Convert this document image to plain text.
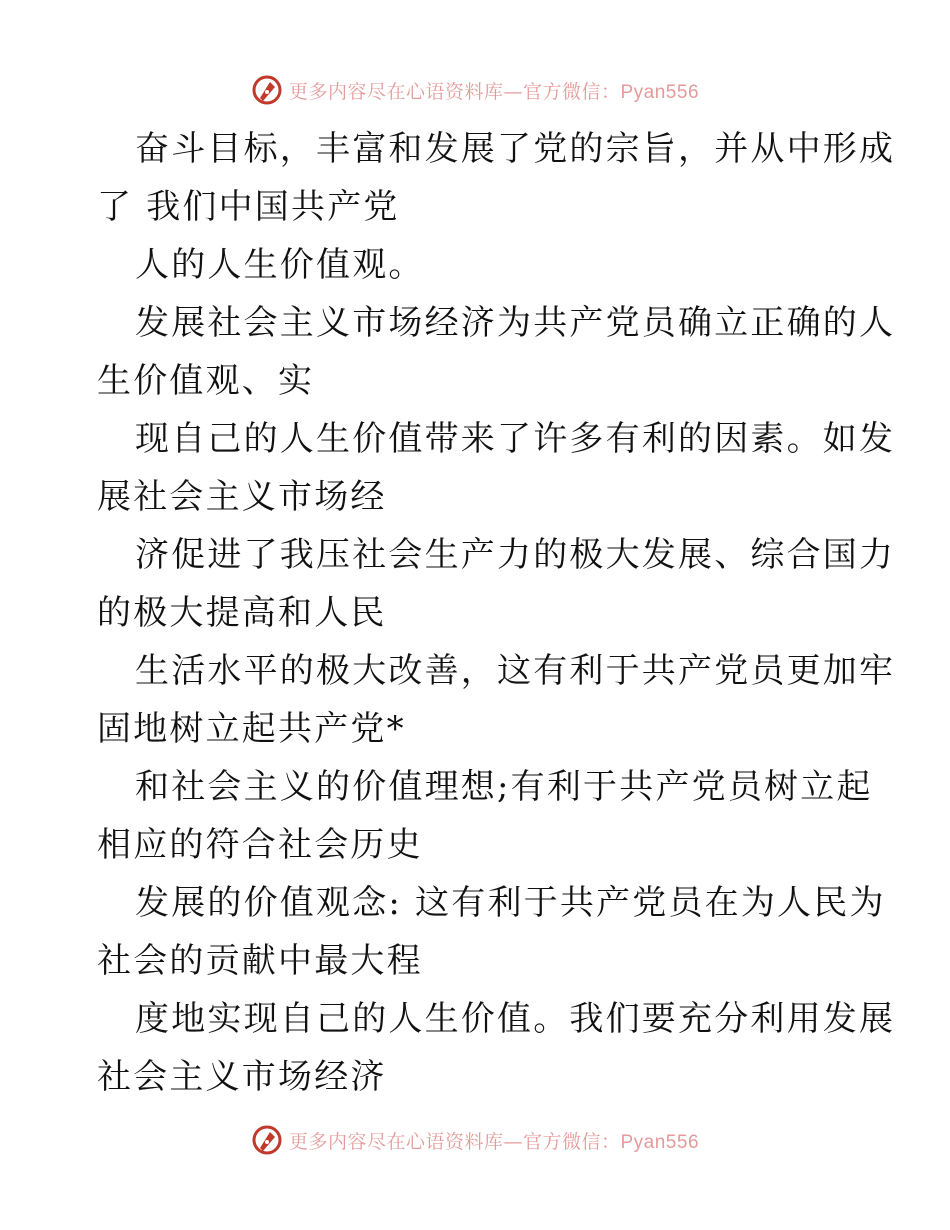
更多内容尽在心语资料库—官方微信：Pyan556
奋斗目标，丰富和发展了党的宗旨，并从中形成
了 我们中国共产党
人的人生价值观。
发展社会主义市场经济为共产党员确立正确的人
生价值观、实
现自己的人生价值带来了许多有利的因素。如发
展社会主义市场经
济促进了我压社会生产力的极大发展、综合国力
的极大提高和人民
生活水平的极大改善，这有利于共产党员更加牢
固地树立起共产党*
和社会主义的价值理想;有利于共产党员树立起
相应的符合社会历史
发展的价值观念: 这有利于共产党员在为人民为
社会的贡献中最大程
度地实现自己的人生价值。我们要充分利用发展
社会主义市场经济
更多内容尽在心语资料库—官方微信：Pyan556
